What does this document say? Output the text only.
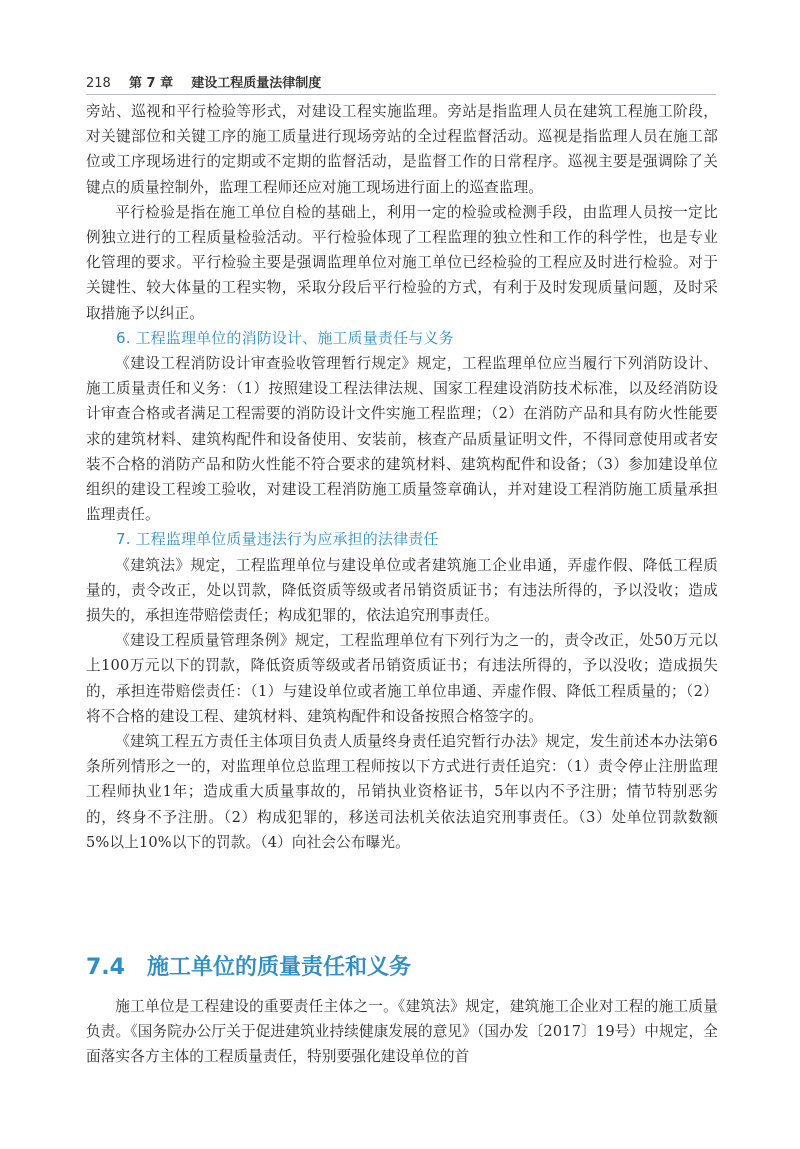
218 第 7 章 建设工程质量法律制度

旁站、巡视和平行检验等形式，对建设工程实施监理。旁站是指监理人员在建筑工程施工阶段，对关键部位和关键工序的施工质量进行现场旁站的全过程监督活动。巡视是指监理人员在施工部位或工序现场进行的定期或不定期的监督活动，是监督工作的日常程序。巡视主要是强调除了关键点的质量控制外，监理工程师还应对施工现场进行面上的巡查监理。

平行检验是指在施工单位自检的基础上，利用一定的检验或检测手段，由监理人员按一定比例独立进行的工程质量检验活动。平行检验体现了工程监理的独立性和工作的科学性，也是专业化管理的要求。平行检验主要是强调监理单位对施工单位已经检验的工程应及时进行检验。对于关键性、较大体量的工程实物，采取分段后平行检验的方式，有利于及时发现质量问题，及时采取措施予以纠正。

6. 工程监理单位的消防设计、施工质量责任与义务

《建设工程消防设计审查验收管理暂行规定》规定，工程监理单位应当履行下列消防设计、施工质量责任和义务：（1）按照建设工程法律法规、国家工程建设消防技术标准，以及经消防设计审查合格或者满足工程需要的消防设计文件实施工程监理；（2）在消防产品和具有防火性能要求的建筑材料、建筑构配件和设备使用、安装前，核查产品质量证明文件，不得同意使用或者安装不合格的消防产品和防火性能不符合要求的建筑材料、建筑构配件和设备；（3）参加建设单位组织的建设工程竣工验收，对建设工程消防施工质量签章确认，并对建设工程消防施工质量承担监理责任。

7. 工程监理单位质量违法行为应承担的法律责任

《建筑法》规定，工程监理单位与建设单位或者建筑施工企业串通，弄虚作假、降低工程质量的，责令改正，处以罚款，降低资质等级或者吊销资质证书；有违法所得的，予以没收；造成损失的，承担连带赔偿责任；构成犯罪的，依法追究刑事责任。

《建设工程质量管理条例》规定，工程监理单位有下列行为之一的，责令改正，处50万元以上100万元以下的罚款，降低资质等级或者吊销资质证书；有违法所得的，予以没收；造成损失的，承担连带赔偿责任：（1）与建设单位或者施工单位串通、弄虚作假、降低工程质量的；（2）将不合格的建设工程、建筑材料、建筑构配件和设备按照合格签字的。

《建筑工程五方责任主体项目负责人质量终身责任追究暂行办法》规定，发生前述本办法第6条所列情形之一的，对监理单位总监理工程师按以下方式进行责任追究：（1）责令停止注册监理工程师执业1年；造成重大质量事故的，吊销执业资格证书，5年以内不予注册；情节特别恶劣的，终身不予注册。（2）构成犯罪的，移送司法机关依法追究刑事责任。（3）处单位罚款数额5%以上10%以下的罚款。（4）向社会公布曝光。

7.4 施工单位的质量责任和义务

施工单位是工程建设的重要责任主体之一。《建筑法》规定，建筑施工企业对工程的施工质量负责。《国务院办公厅关于促进建筑业持续健康发展的意见》（国办发〔2017〕19号）中规定，全面落实各方主体的工程质量责任，特别要强化建设单位的首
